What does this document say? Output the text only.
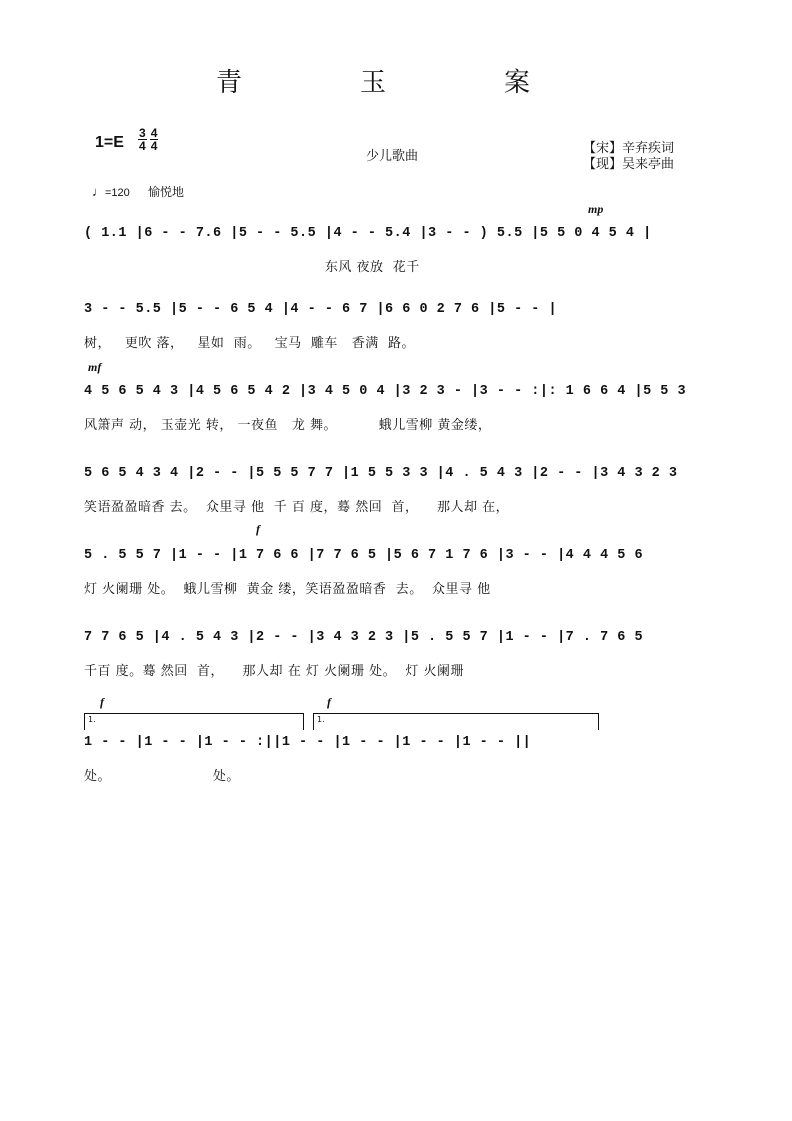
青　玉　案
$1=E \frac{3}{4} \frac{4}{4}$
少儿歌曲
【宋】辛弃疾词
【现】吴来亭曲
♩=120 愉悦地
mp
mf
f
f	f
( 1.1 |6 - - 7.6 |5 - - 5.5 |4 - - 5.4 |3 - - ) 5.5 |5 5 0 4 5 4 |
东风 夜放  花千
3 - - 5.5 |5 - - 6 5 4 |4 - - 6 7 |6 6 0 2 7 6 |5 - - |
树，   更吹 落，   星如  雨。   宝马  雕车   香满  路。
4 5 6 5 4 3 |4 5 6 5 4 2 |3 4 5 0 4 |3 2 3 - |3 - - :|: 1 6 6 4 |5 5 3
风箫声 动， 玉壶光 转， 一夜鱼   龙 舞。         蛾儿雪柳 黄金缕，
5 6 5 4 3 4 |2 - - |5 5 5 7 7 |1 5 5 3 3 |4 . 5 4 3 |2 - - |3 4 3 2 3
笑语盈盈暗香 去。  众里寻 他  千 百 度，蓦 然回  首，    那人却 在，
5 . 5 5 7 |1 - - |1 7 6 6 |7 7 6 5 |5 6 7 1 7 6 |3 - - |4 4 4 5 6
灯 火阑珊 处。  蛾儿雪柳  黄金 缕，笑语盈盈暗香  去。  众里寻 他
7 7 6 5 |4 . 5 4 3 |2 - - |3 4 3 2 3 |5 . 5 5 7 |1 - - |7 . 7 6 5
千百 度。蓦 然回  首，    那人却 在 灯 火阑珊 处。  灯 火阑珊
1.	1.
1 - - |1 - - |1 - - :||1 - - |1 - - |1 - - |1 - - ||
处。                      处。
